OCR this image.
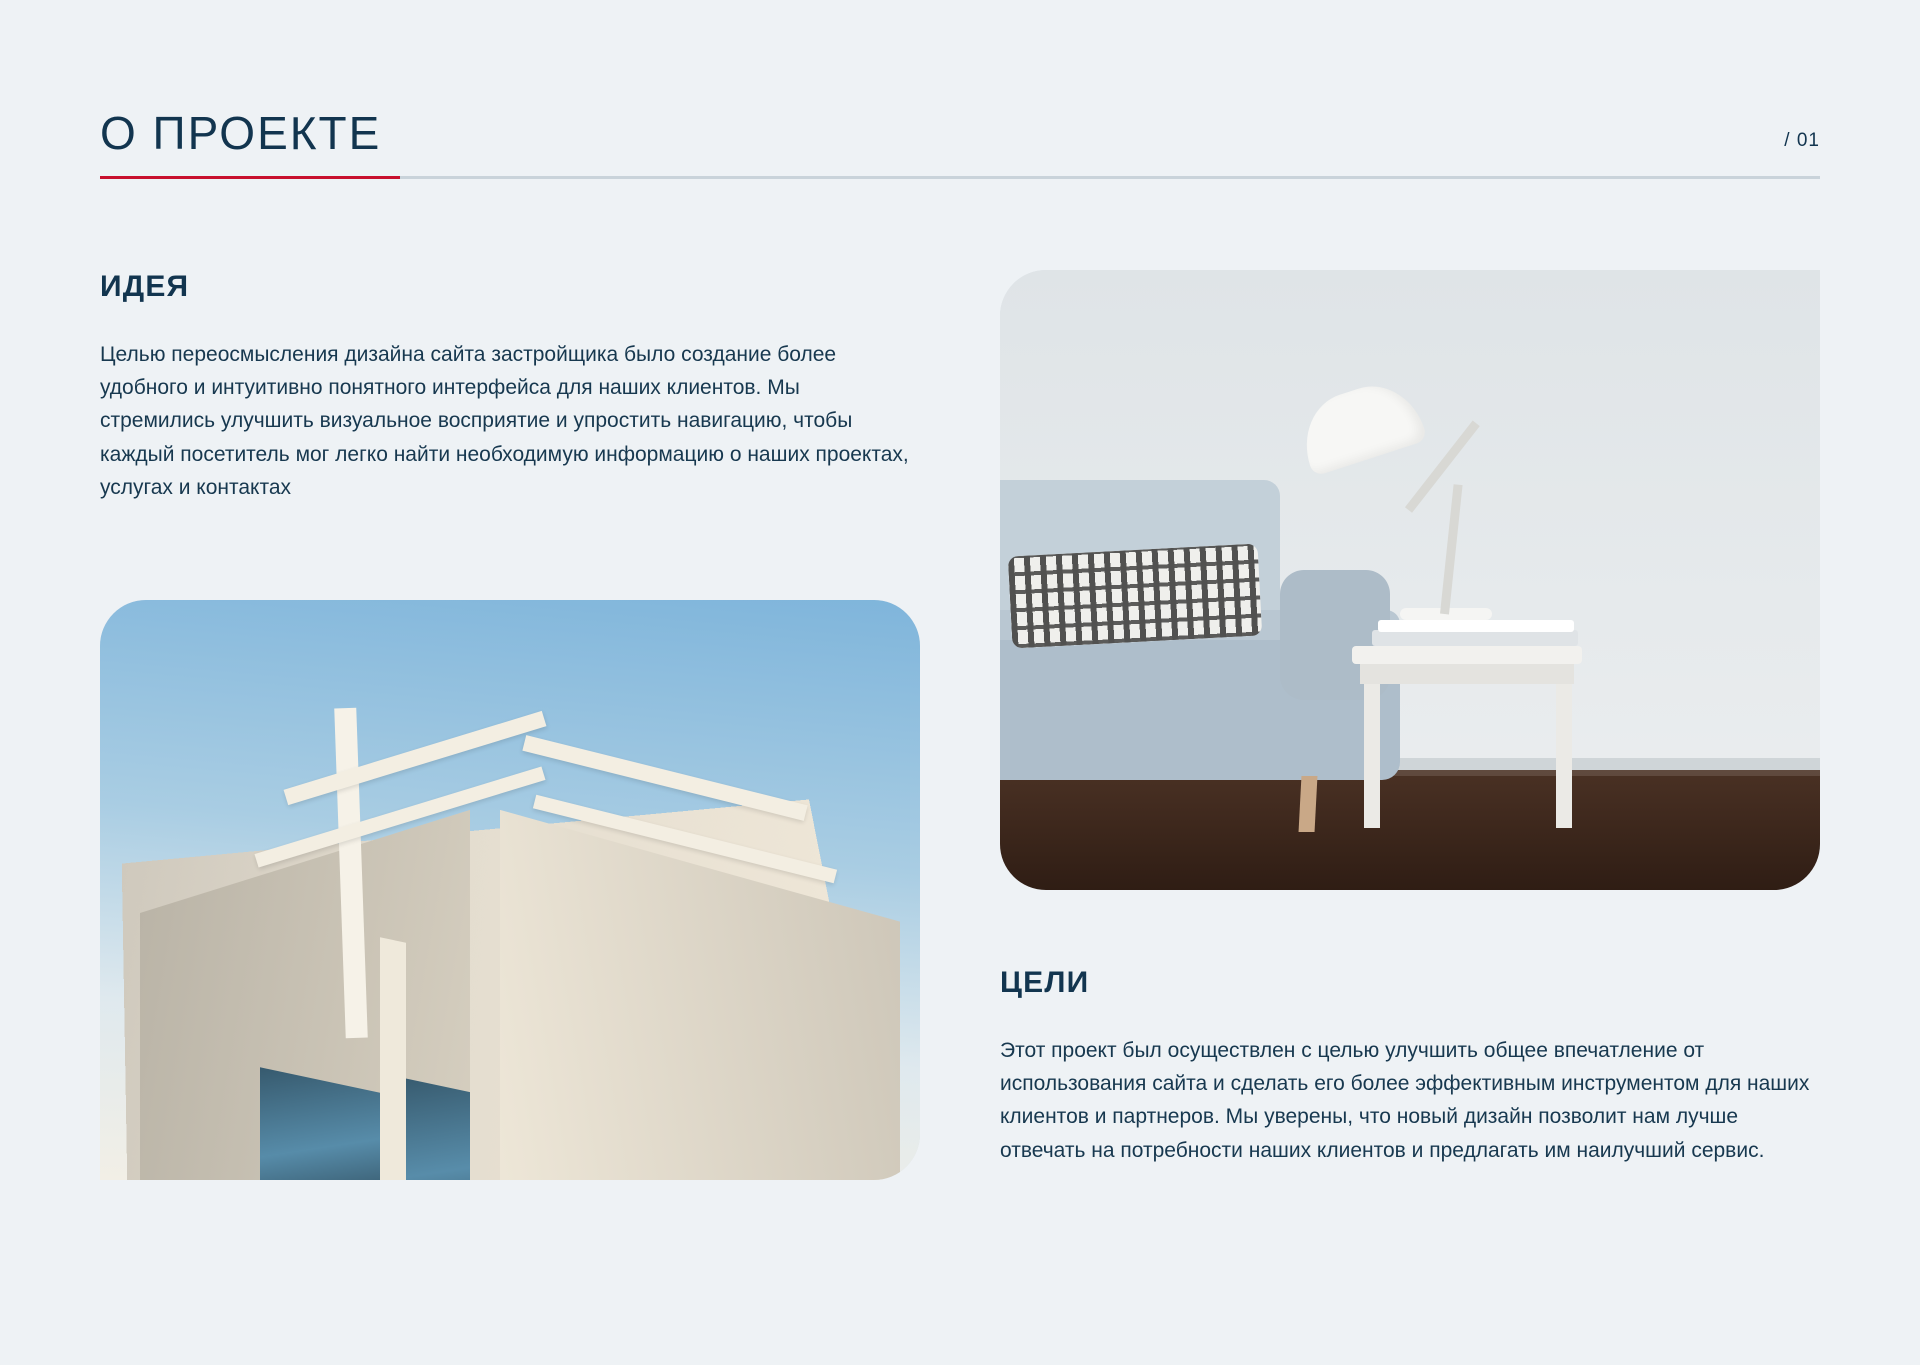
О ПРОЕКТЕ	/ 01
ИДЕЯ

Целью переосмысления дизайна сайта застройщика было создание более удобного и интуитивно понятного интерфейса для наших клиентов. Мы стремились улучшить визуальное восприятие и упростить навигацию, чтобы каждый посетитель мог легко найти необходимую информацию о наших проектах, услугах и контактах

ЦЕЛИ

Этот проект был осуществлен с целью улучшить общее впечатление от использования сайта и сделать его более эффективным инструментом для наших клиентов и партнеров. Мы уверены, что новый дизайн позволит нам лучше отвечать на потребности наших клиентов и предлагать им наилучший сервис.
